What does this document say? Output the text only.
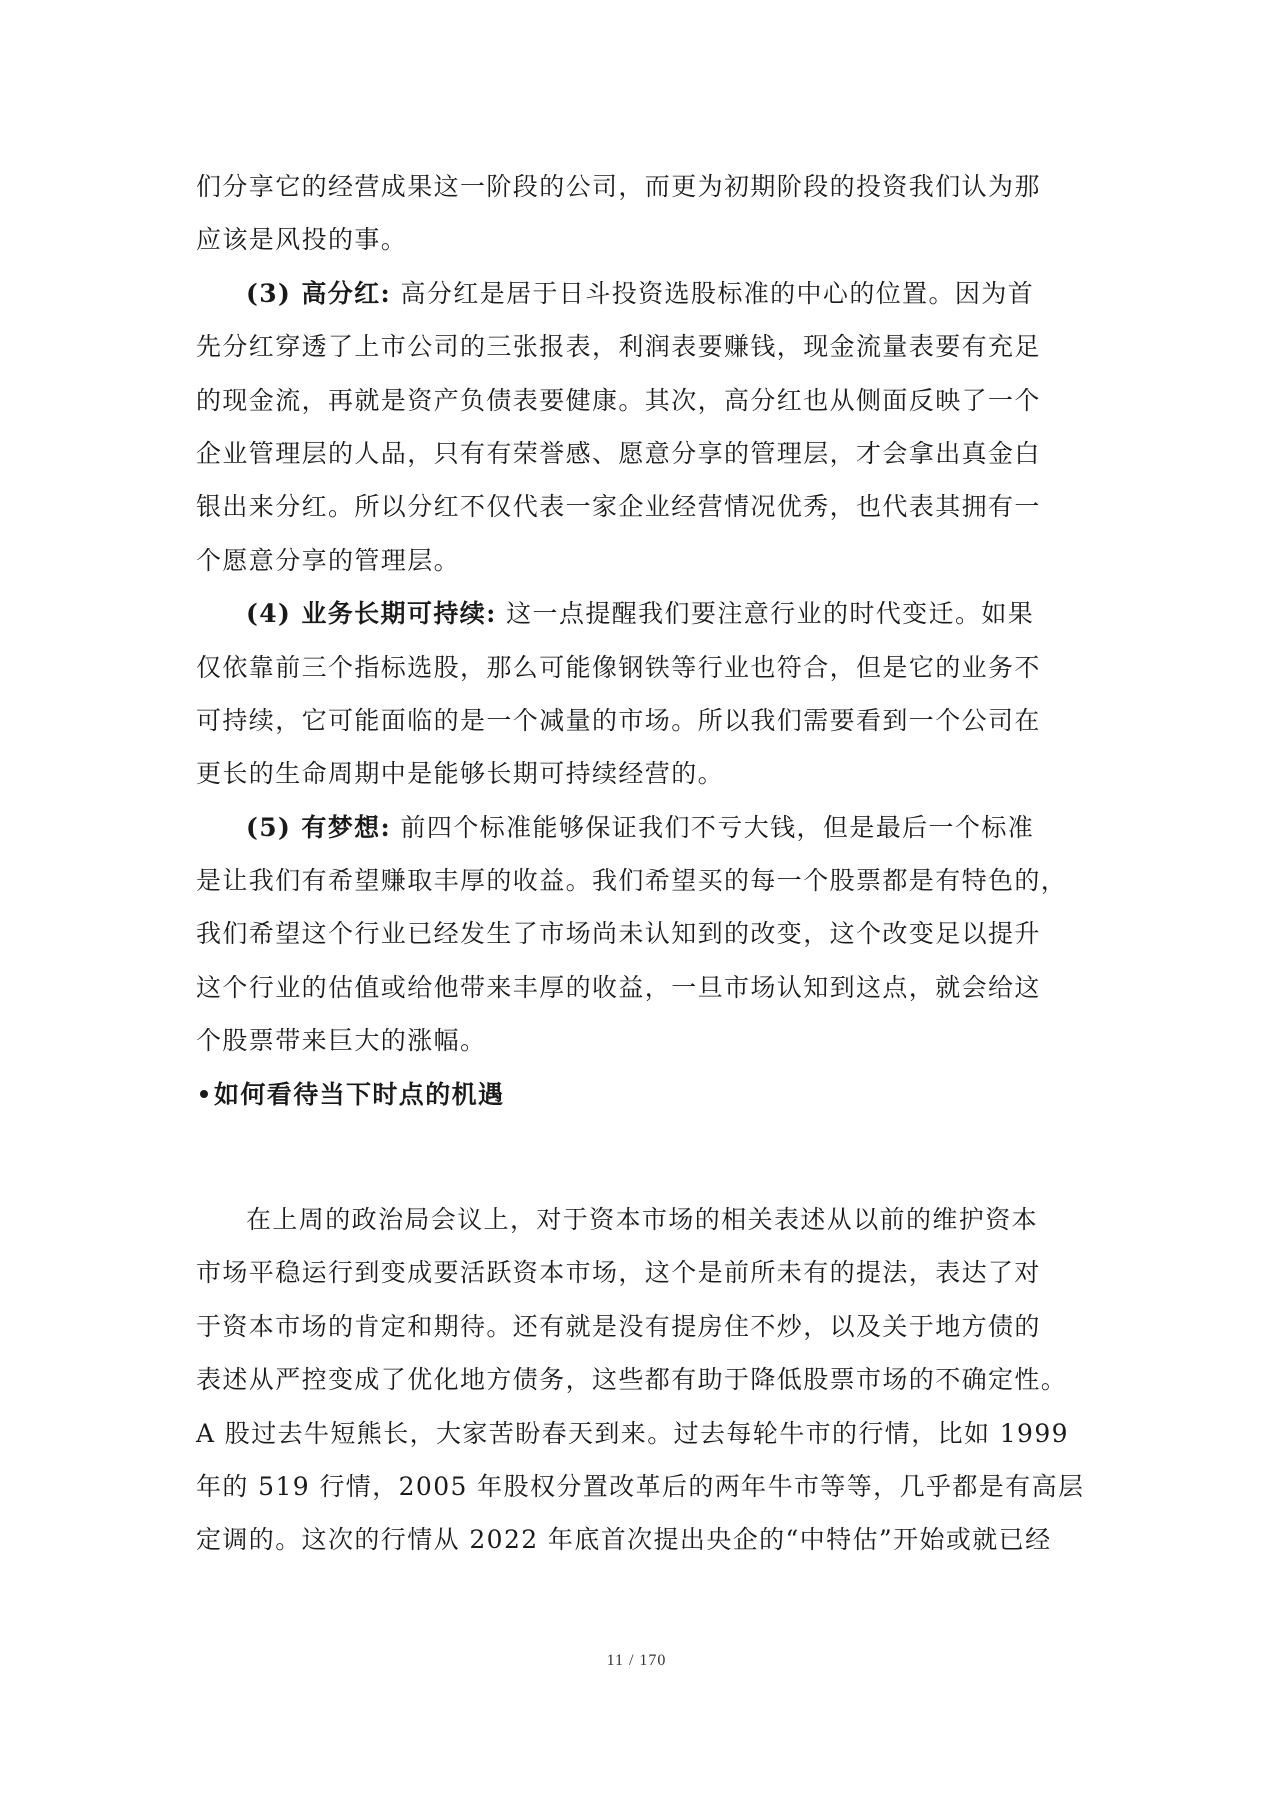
们分享它的经营成果这一阶段的公司，而更为初期阶段的投资我们认为那
应该是风投的事。
(3) 高分红: 高分红是居于日斗投资选股标准的中心的位置。因为首
先分红穿透了上市公司的三张报表，利润表要赚钱，现金流量表要有充足
的现金流，再就是资产负债表要健康。其次，高分红也从侧面反映了一个
企业管理层的人品，只有有荣誉感、愿意分享的管理层，才会拿出真金白
银出来分红。所以分红不仅代表一家企业经营情况优秀，也代表其拥有一
个愿意分享的管理层。
(4) 业务长期可持续: 这一点提醒我们要注意行业的时代变迁。如果
仅依靠前三个指标选股，那么可能像钢铁等行业也符合，但是它的业务不
可持续，它可能面临的是一个减量的市场。所以我们需要看到一个公司在
更长的生命周期中是能够长期可持续经营的。
(5) 有梦想: 前四个标准能够保证我们不亏大钱，但是最后一个标准
是让我们有希望赚取丰厚的收益。我们希望买的每一个股票都是有特色的，
我们希望这个行业已经发生了市场尚未认知到的改变，这个改变足以提升
这个行业的估值或给他带来丰厚的收益，一旦市场认知到这点，就会给这
个股票带来巨大的涨幅。
如何看待当下时点的机遇
在上周的政治局会议上，对于资本市场的相关表述从以前的维护资本
市场平稳运行到变成要活跃资本市场，这个是前所未有的提法，表达了对
于资本市场的肯定和期待。还有就是没有提房住不炒，以及关于地方债的
表述从严控变成了优化地方债务，这些都有助于降低股票市场的不确定性。
A 股过去牛短熊长，大家苦盼春天到来。过去每轮牛市的行情，比如 1999
年的 519 行情，2005 年股权分置改革后的两年牛市等等，几乎都是有高层
定调的。这次的行情从 2022 年底首次提出央企的“中特估”开始或就已经
11 / 170
